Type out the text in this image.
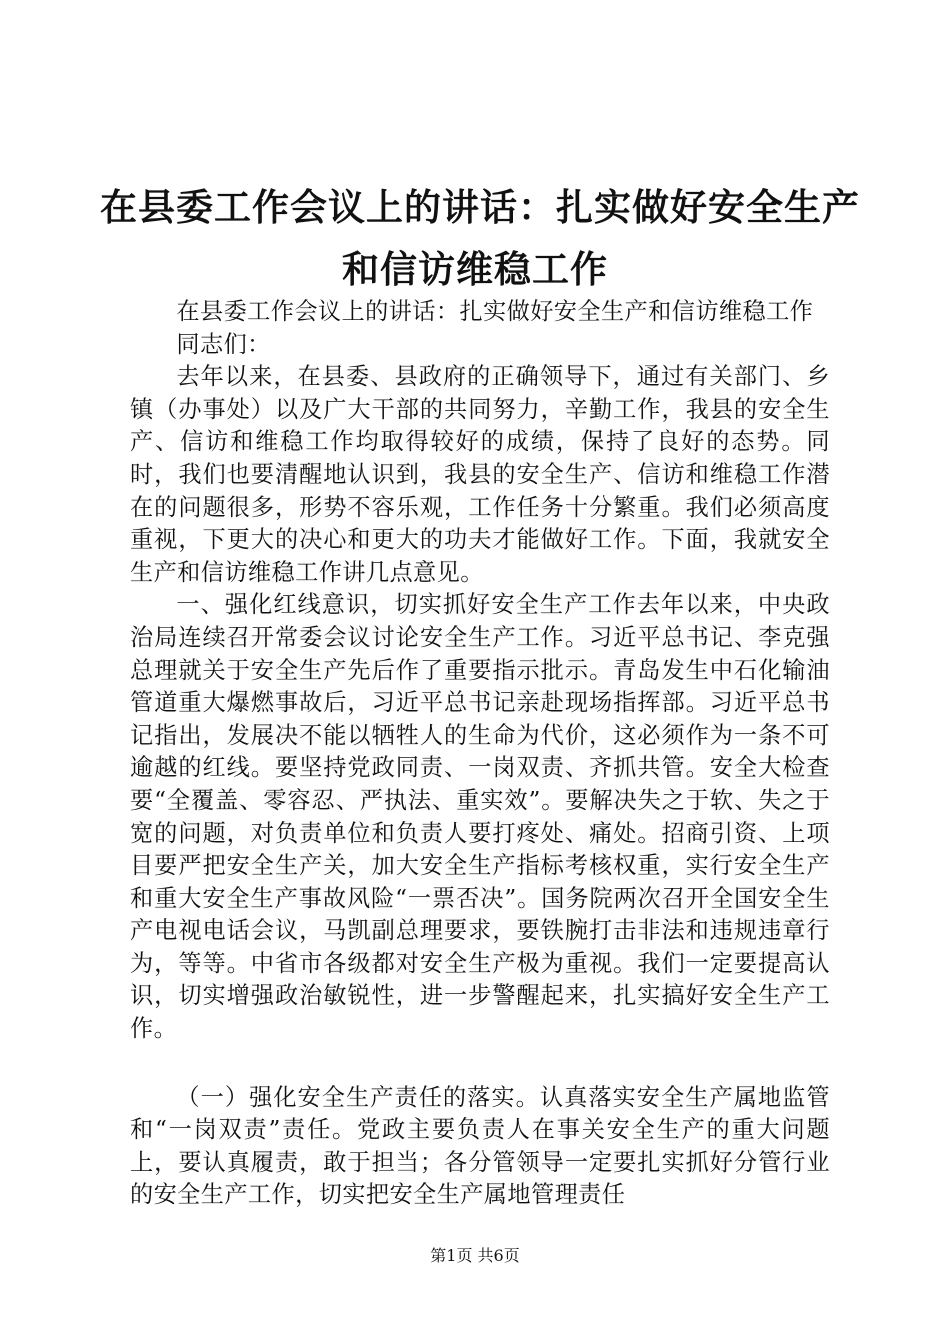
在县委工作会议上的讲话：扎实做好安全生产
和信访维稳工作

在县委工作会议上的讲话：扎实做好安全生产和信访维稳工作

同志们：

去年以来，在县委、县政府的正确领导下，通过有关部门、乡镇（办事处）以及广大干部的共同努力，辛勤工作，我县的安全生产、信访和维稳工作均取得较好的成绩，保持了良好的态势。同时，我们也要清醒地认识到，我县的安全生产、信访和维稳工作潜在的问题很多，形势不容乐观，工作任务十分繁重。我们必须高度重视，下更大的决心和更大的功夫才能做好工作。下面，我就安全生产和信访维稳工作讲几点意见。

一、强化红线意识，切实抓好安全生产工作去年以来，中央政治局连续召开常委会议讨论安全生产工作。习近平总书记、李克强总理就关于安全生产先后作了重要指示批示。青岛发生中石化输油管道重大爆燃事故后，习近平总书记亲赴现场指挥部。习近平总书记指出，发展决不能以牺牲人的生命为代价，这必须作为一条不可逾越的红线。要坚持党政同责、一岗双责、齐抓共管。安全大检查要“全覆盖、零容忍、严执法、重实效”。要解决失之于软、失之于宽的问题，对负责单位和负责人要打疼处、痛处。招商引资、上项目要严把安全生产关，加大安全生产指标考核权重，实行安全生产和重大安全生产事故风险“一票否决”。国务院两次召开全国安全生产电视电话会议，马凯副总理要求，要铁腕打击非法和违规违章行为，等等。中省市各级都对安全生产极为重视。我们一定要提高认识，切实增强政治敏锐性，进一步警醒起来，扎实搞好安全生产工作。

（一）强化安全生产责任的落实。认真落实安全生产属地监管和“一岗双责”责任。党政主要负责人在事关安全生产的重大问题上，要认真履责，敢于担当；各分管领导一定要扎实抓好分管行业的安全生产工作，切实把安全生产属地管理责任

第1页 共6页
